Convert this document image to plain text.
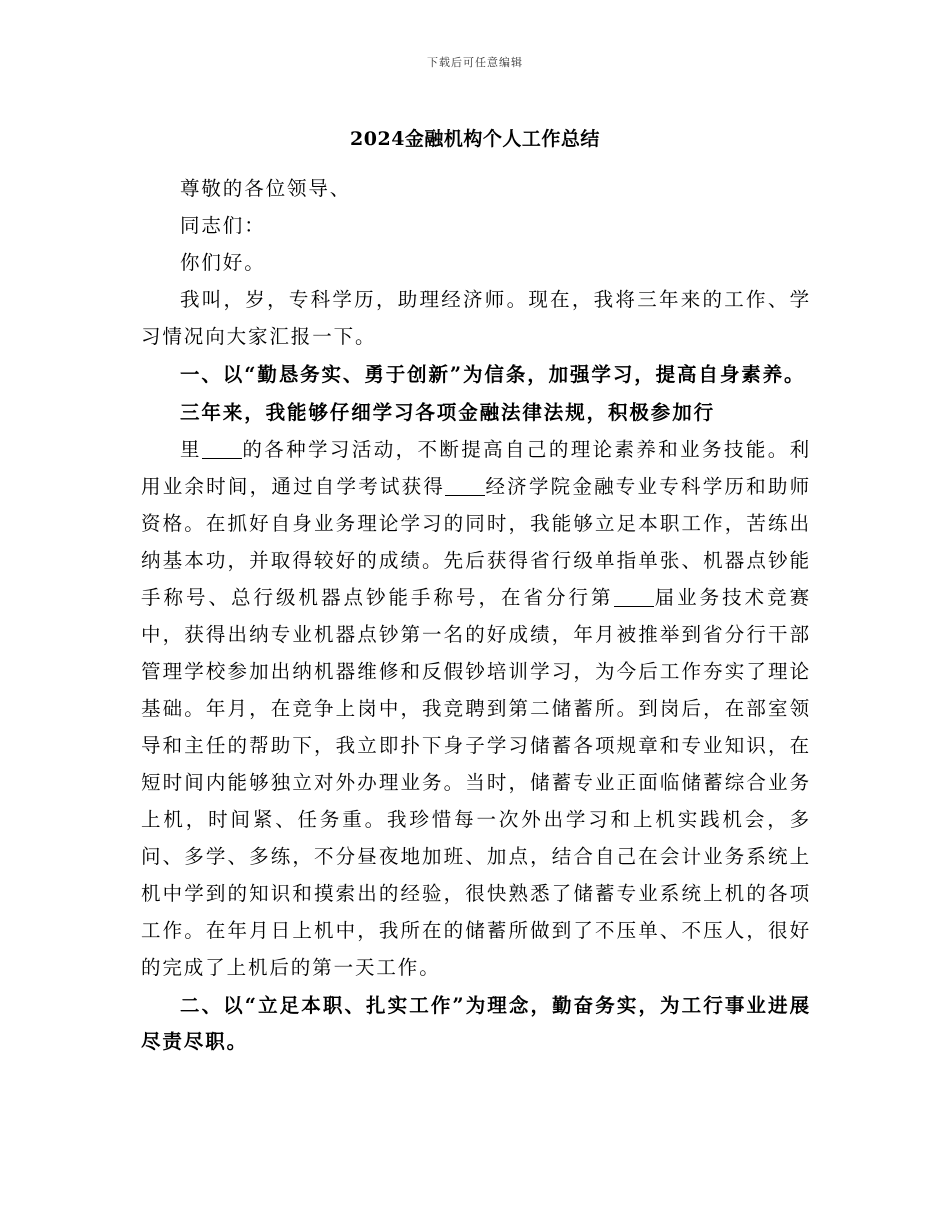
下载后可任意编辑
2024金融机构个人工作总结

尊敬的各位领导、

同志们：

你们好。

我叫，岁，专科学历，助理经济师。现在，我将三年来的工作、学习情况向大家汇报一下。

一、以“勤恳务实、勇于创新”为信条，加强学习，提高自身素养。

三年来，我能够仔细学习各项金融法律法规，积极参加行

里 的各种学习活动，不断提高自己的理论素养和业务技能。利用业余时间，通过自学考试获得 经济学院金融专业专科学历和助师资格。在抓好自身业务理论学习的同时，我能够立足本职工作，苦练出纳基本功，并取得较好的成绩。先后获得省行级单指单张、机器点钞能手称号、总行级机器点钞能手称号，在省分行第 届业务技术竞赛中，获得出纳专业机器点钞第一名的好成绩，年月被推举到省分行干部管理学校参加出纳机器维修和反假钞培训学习，为今后工作夯实了理论基础。年月，在竞争上岗中，我竞聘到第二储蓄所。到岗后，在部室领导和主任的帮助下，我立即扑下身子学习储蓄各项规章和专业知识，在短时间内能够独立对外办理业务。当时，储蓄专业正面临储蓄综合业务上机，时间紧、任务重。我珍惜每一次外出学习和上机实践机会，多问、多学、多练，不分昼夜地加班、加点，结合自己在会计业务系统上机中学到的知识和摸索出的经验，很快熟悉了储蓄专业系统上机的各项工作。在年月日上机中，我所在的储蓄所做到了不压单、不压人，很好的完成了上机后的第一天工作。

二、以“立足本职、扎实工作”为理念，勤奋务实，为工行事业进展尽责尽职。
